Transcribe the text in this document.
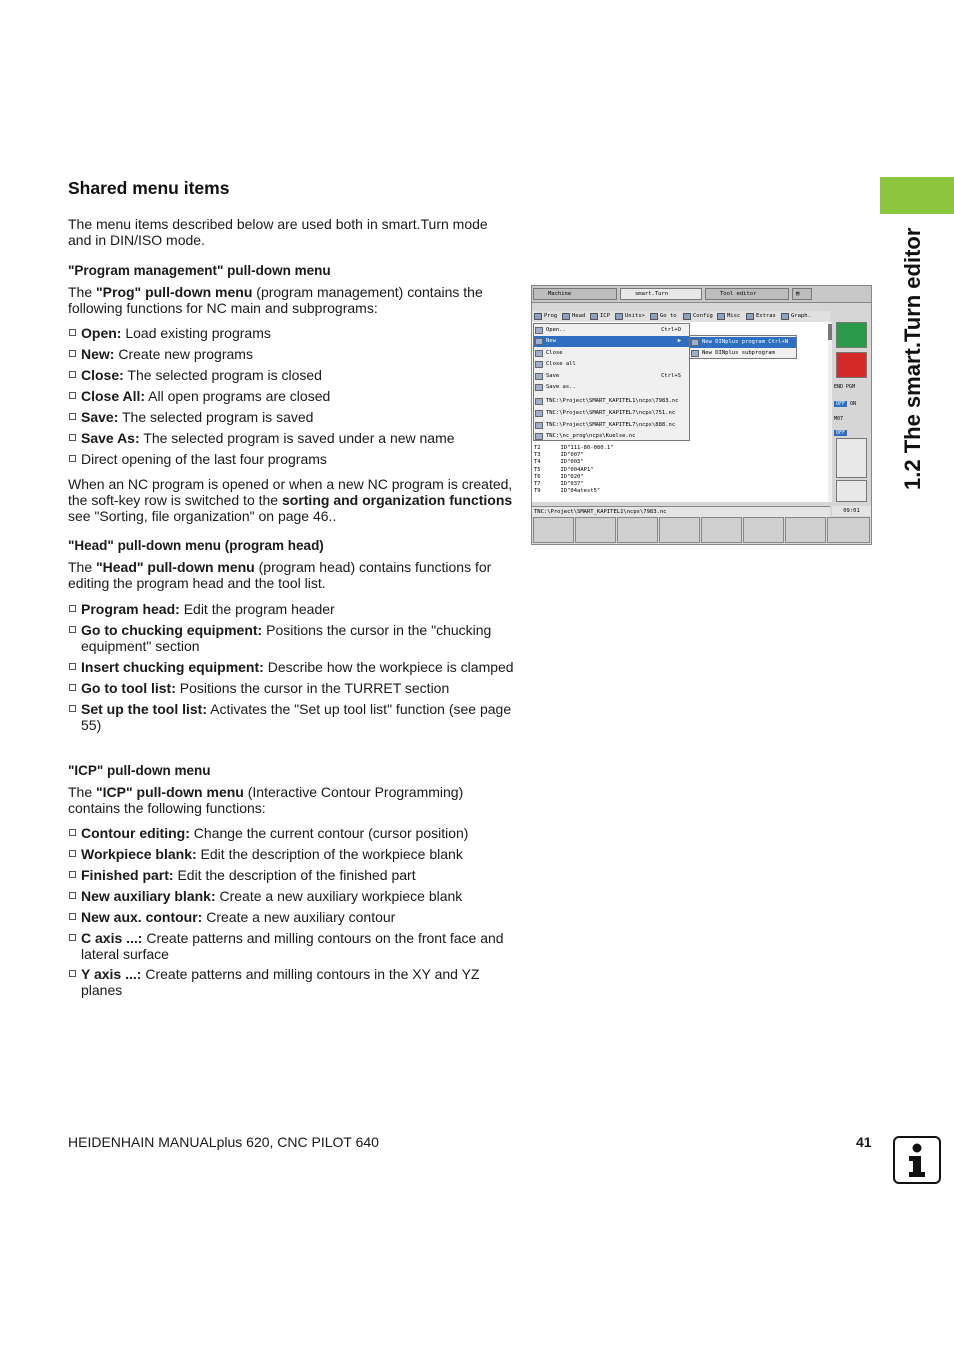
1.2 The smart.Turn editor
Shared menu items

The menu items described below are used both in smart.Turn mode and in DIN/ISO mode.

"Program management" pull-down menu

The "Prog" pull-down menu (program management) contains the following functions for NC main and subprograms:

Open: Load existing programs
New: Create new programs
Close: The selected program is closed
Close All: All open programs are closed
Save: The selected program is saved
Save As: The selected program is saved under a new name
Direct opening of the last four programs

When an NC program is opened or when a new NC program is created, the soft-key row is switched to the sorting and organization functions see "Sorting, file organization" on page 46..

"Head" pull-down menu (program head)

The "Head" pull-down menu (program head) contains functions for editing the program head and the tool list.

Program head: Edit the program header
Go to chucking equipment: Positions the cursor in the "chucking equipment" section
Insert chucking equipment: Describe how the workpiece is clamped
Go to tool list: Positions the cursor in the TURRET section
Set up the tool list: Activates the "Set up tool list" function (see page 55)
"ICP" pull-down menu

The "ICP" pull-down menu (Interactive Contour Programming) contains the following functions:

Contour editing: Change the current contour (cursor position)
Workpiece blank: Edit the description of the workpiece blank
Finished part: Edit the description of the finished part
New auxiliary blank: Create a new auxiliary workpiece blank
New aux. contour: Create a new auxiliary contour
C axis ...: Create patterns and milling contours on the front face and lateral surface
Y axis ...: Create patterns and milling contours in the XY and YZ planes
Machine	smart.Turn	Tool editor	▤
Prog	Head	ICP	Units>	Go to	Config	Misc	Extras	Graph.
Open..	Ctrl+O
New	▶
Close
Close all
Save	Ctrl+S
Save as..
TNC:\Project\SMART_KAPITEL1\ncps\7983.nc
TNC:\Project\SMART_KAPITEL7\ncps\751.nc
TNC:\Project\SMART_KAPITEL7\ncps\888.nc
TNC:\nc_prog\ncps\Kuelse.nc
New DINplus program Ctrl+N
New DINplus subprogram
T2      ID"111-80-080.1"
T3      ID"007"
T4      ID"003"
T5      ID"004AP1"
T6      ID"020"
T7      ID"037"
T9      ID"04atest5"
END PGM
OFF ON
M07
OFF
TNC:\Project\SMART_KAPITEL1\ncps\7983.nc	09:01
HEIDENHAIN MANUALplus 620, CNC PILOT 640	41
